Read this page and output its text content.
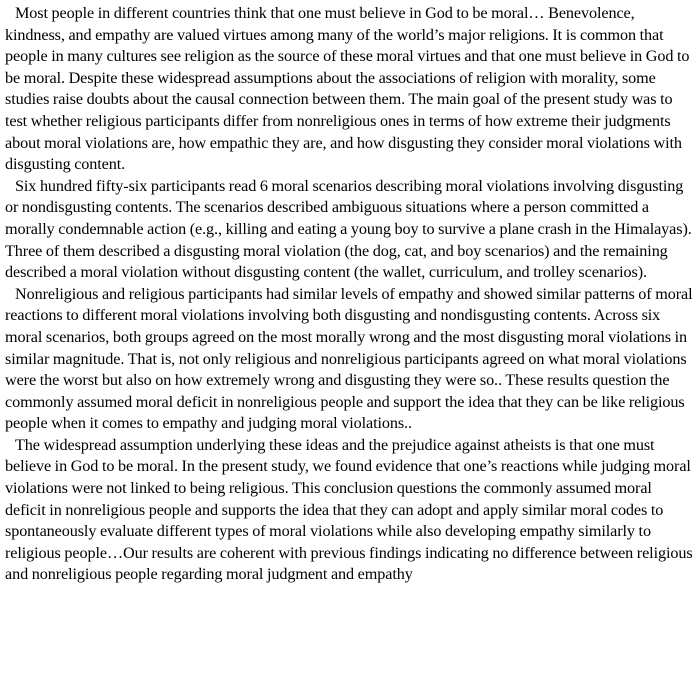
Most people in different countries think that one must believe in God to be moral… Benevolence, kindness, and empathy are valued virtues among many of the world’s major religions. It is common that people in many cultures see religion as the source of these moral virtues and that one must believe in God to be moral. Despite these widespread assumptions about the associations of religion with morality, some studies raise doubts about the causal connection between them. The main goal of the present study was to test whether religious participants differ from nonreligious ones in terms of how extreme their judgments about moral violations are, how empathic they are, and how disgusting they consider moral violations with disgusting content.

Six hundred fifty-six participants read 6 moral scenarios describing moral violations involving disgusting or nondisgusting contents. The scenarios described ambiguous situations where a person committed a morally condemnable action (e.g., killing and eating a young boy to survive a plane crash in the Himalayas). Three of them described a disgusting moral violation (the dog, cat, and boy scenarios) and the remaining described a moral violation without disgusting content (the wallet, curriculum, and trolley scenarios).

Nonreligious and religious participants had similar levels of empathy and showed similar patterns of moral reactions to different moral violations involving both disgusting and nondisgusting contents. Across six moral scenarios, both groups agreed on the most morally wrong and the most disgusting moral violations in similar magnitude. That is, not only religious and nonreligious participants agreed on what moral violations were the worst but also on how extremely wrong and disgusting they were so.. These results question the commonly assumed moral deficit in nonreligious people and support the idea that they can be like religious people when it comes to empathy and judging moral violations..

The widespread assumption underlying these ideas and the prejudice against atheists is that one must believe in God to be moral. In the present study, we found evidence that one’s reactions while judging moral violations were not linked to being religious. This conclusion questions the commonly assumed moral deficit in nonreligious people and supports the idea that they can adopt and apply similar moral codes to spontaneously evaluate different types of moral violations while also developing empathy similarly to religious people…Our results are coherent with previous findings indicating no difference between religious and nonreligious people regarding moral judgment and empathy
